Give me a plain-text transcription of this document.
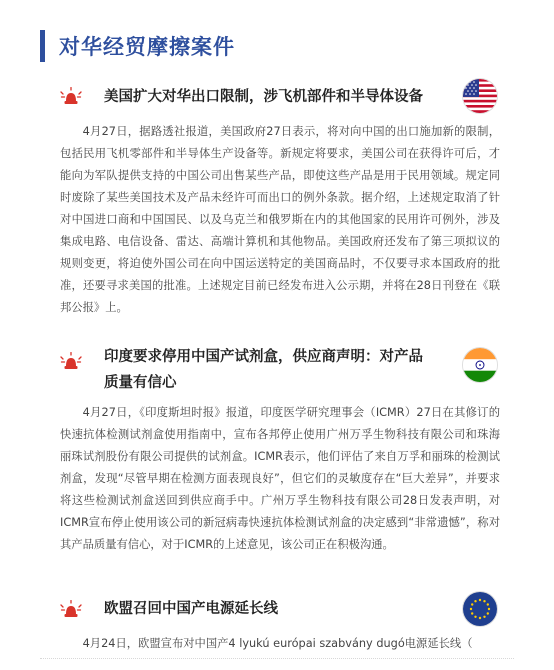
对华经贸摩擦案件
美国扩大对华出口限制，涉飞机部件和半导体设备
4月27日，据路透社报道，美国政府27日表示，将对向中国的出口施加新的限制，包括民用飞机零部件和半导体生产设备等。新规定将要求，美国公司在获得许可后，才能向为军队提供支持的中国公司出售某些产品，即使这些产品是用于民用领域。规定同时废除了某些美国技术及产品未经许可而出口的例外条款。据介绍，上述规定取消了针对中国进口商和中国国民、以及乌克兰和俄罗斯在内的其他国家的民用许可例外，涉及集成电路、电信设备、雷达、高端计算机和其他物品。美国政府还发布了第三项拟议的规则变更，将迫使外国公司在向中国运送特定的美国商品时，不仅要寻求本国政府的批准，还要寻求美国的批准。上述规定目前已经发布进入公示期，并将在28日刊登在《联邦公报》上。
印度要求停用中国产试剂盒，供应商声明：对产品
质量有信心
4月27日，《印度斯坦时报》报道，印度医学研究理事会（ICMR）27日在其修订的快速抗体检测试剂盒使用指南中，宣布各邦停止使用广州万孚生物科技有限公司和珠海丽珠试剂股份有限公司提供的试剂盒。ICMR表示，他们评估了来自万孚和丽珠的检测试剂盒，发现“尽管早期在检测方面表现良好”，但它们的灵敏度存在“巨大差异”，并要求将这些检测试剂盒送回到供应商手中。广州万孚生物科技有限公司28日发表声明，对ICMR宣布停止使用该公司的新冠病毒快速抗体检测试剂盒的决定感到“非常遗憾”，称对其产品质量有信心，对于ICMR的上述意见，该公司正在积极沟通。
欧盟召回中国产电源延长线
4月24日，欧盟宣布对中国产4 lyukú európai szabvány dugó电源延长线（
